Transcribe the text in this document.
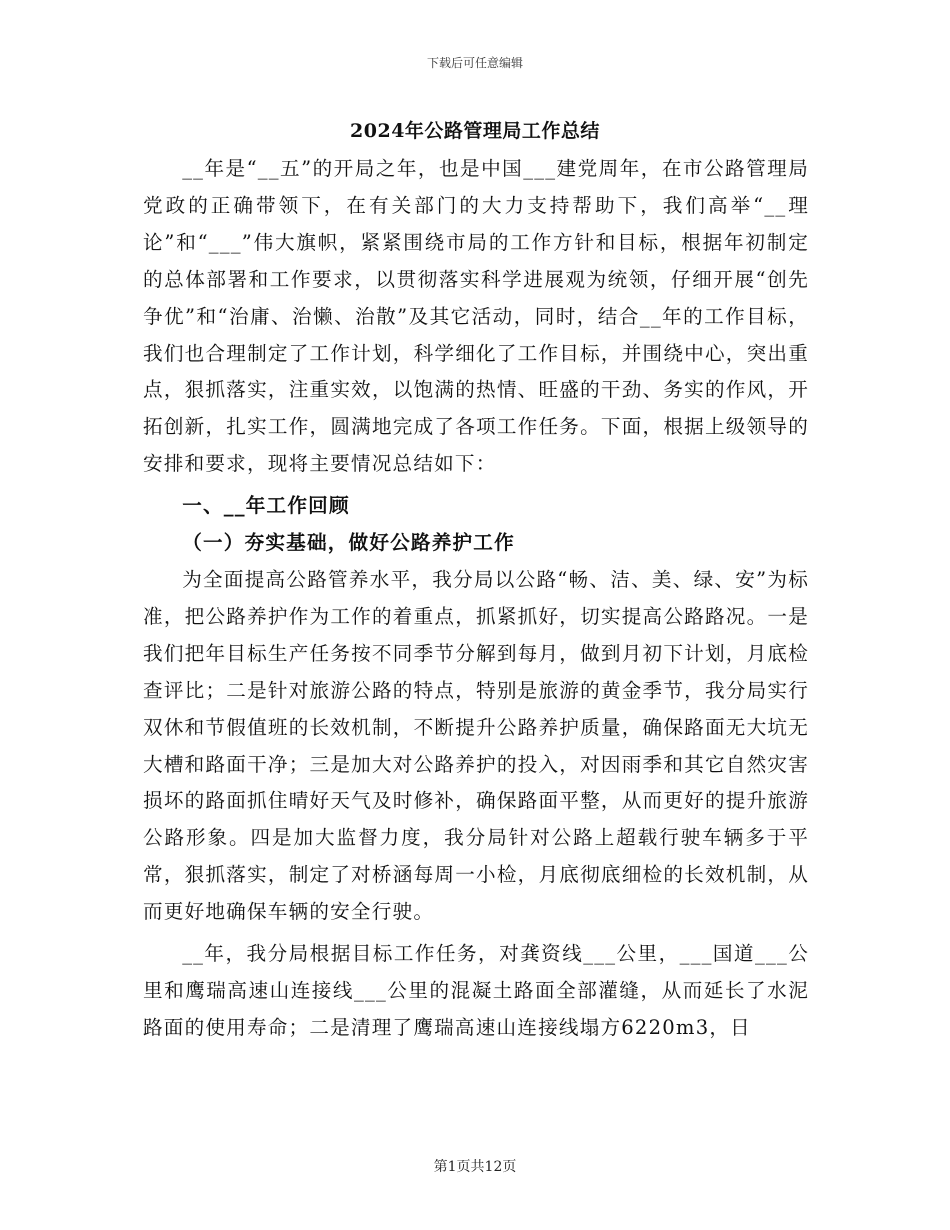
下载后可任意编辑
2024年公路管理局工作总结

__年是“__五”的开局之年，也是中国___建党周年，在市公路管理局党政的正确带领下，在有关部门的大力支持帮助下，我们高举“__理论”和“___”伟大旗帜，紧紧围绕市局的工作方针和目标，根据年初制定的总体部署和工作要求，以贯彻落实科学进展观为统领，仔细开展“创先争优”和“治庸、治懒、治散”及其它活动，同时，结合__年的工作目标，我们也合理制定了工作计划，科学细化了工作目标，并围绕中心，突出重点，狠抓落实，注重实效，以饱满的热情、旺盛的干劲、务实的作风，开拓创新，扎实工作，圆满地完成了各项工作任务。下面，根据上级领导的安排和要求，现将主要情况总结如下：

一、__年工作回顾

（一）夯实基础，做好公路养护工作

为全面提高公路管养水平，我分局以公路“畅、洁、美、绿、安”为标准，把公路养护作为工作的着重点，抓紧抓好，切实提高公路路况。一是我们把年目标生产任务按不同季节分解到每月，做到月初下计划，月底检查评比；二是针对旅游公路的特点，特别是旅游的黄金季节，我分局实行双休和节假值班的长效机制，不断提升公路养护质量，确保路面无大坑无大槽和路面干净；三是加大对公路养护的投入，对因雨季和其它自然灾害损坏的路面抓住晴好天气及时修补，确保路面平整，从而更好的提升旅游公路形象。四是加大监督力度，我分局针对公路上超载行驶车辆多于平常，狠抓落实，制定了对桥涵每周一小检，月底彻底细检的长效机制，从而更好地确保车辆的安全行驶。

__年，我分局根据目标工作任务，对龚资线___公里，___国道___公里和鹰瑞高速山连接线___公里的混凝土路面全部灌缝，从而延长了水泥路面的使用寿命；二是清理了鹰瑞高速山连接线塌方6220m3，日

第1页共12页
